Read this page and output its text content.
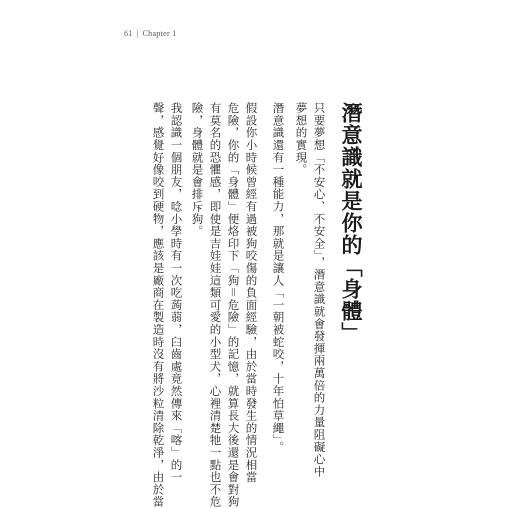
61 | Chapter 1
潛意識就是你的「身體」
只要夢想「不安心、不安全」，潛意識就會發揮兩萬倍的力量阻礙心中
夢想的實現。
潛意識還有一種能力，那就是讓人「一朝被蛇咬，十年怕草繩」。
假設你小時候曾經有過被狗咬傷的負面經驗，由於當時發生的情況相當
危險，你的「身體」便烙印下「狗＝危險」的記憶，就算長大後還是會對狗
有莫名的恐懼感，即使是吉娃娃這類可愛的小型犬，心裡清楚牠一點也不危
險，身體就是會排斥狗。
我認識一個朋友，唸小學時有一次吃蒟蒻，臼齒處竟然傳來「喀」的一
聲，感覺好像咬到硬物，應該是廠商在製造時沒有將沙粒清除乾淨，由於當
